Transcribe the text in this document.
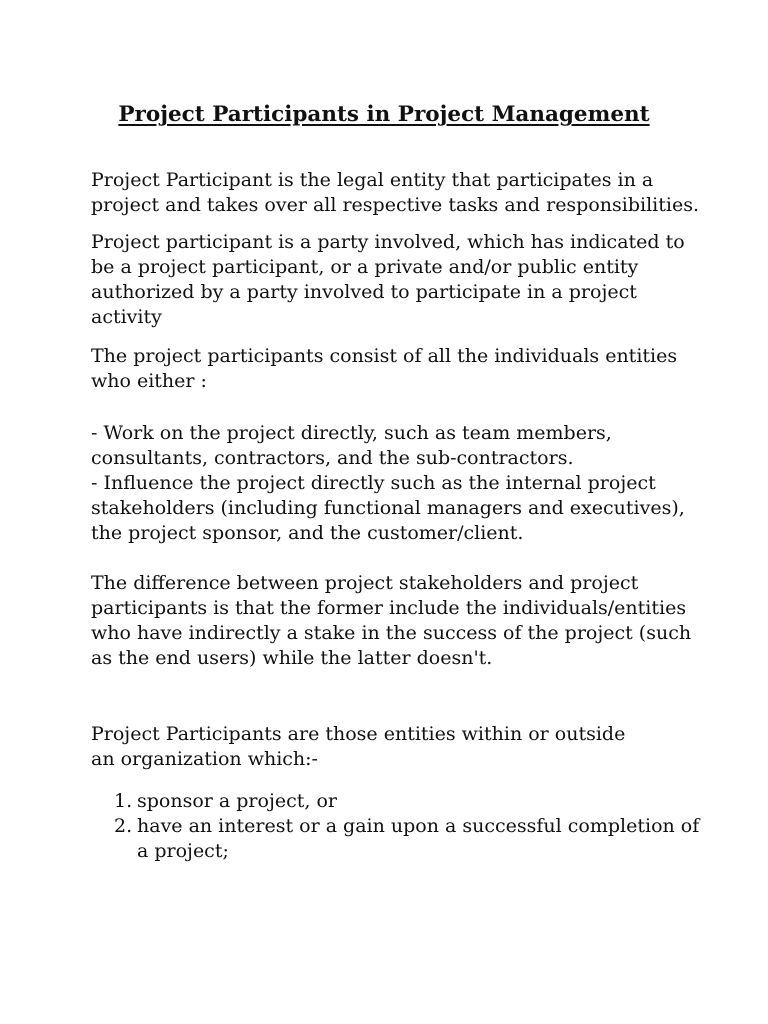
Project Participants in Project Management

Project Participant is the legal entity that participates in a
project and takes over all respective tasks and responsibilities.

Project participant is a party involved, which has indicated to
be a project participant, or a private and/or public entity
authorized by a party involved to participate in a project
activity

The project participants consist of all the individuals entities
who either :

- Work on the project directly, such as team members,
consultants, contractors, and the sub-contractors.

- Influence the project directly such as the internal project
stakeholders (including functional managers and executives),
the project sponsor, and the customer/client.

The difference between project stakeholders and project
participants is that the former include the individuals/entities
who have indirectly a stake in the success of the project (such
as the end users) while the latter doesn't.

Project Participants are those entities within or outside
an organization which:-

1. sponsor a project, or
2. have an interest or a gain upon a successful completion of
a project;
